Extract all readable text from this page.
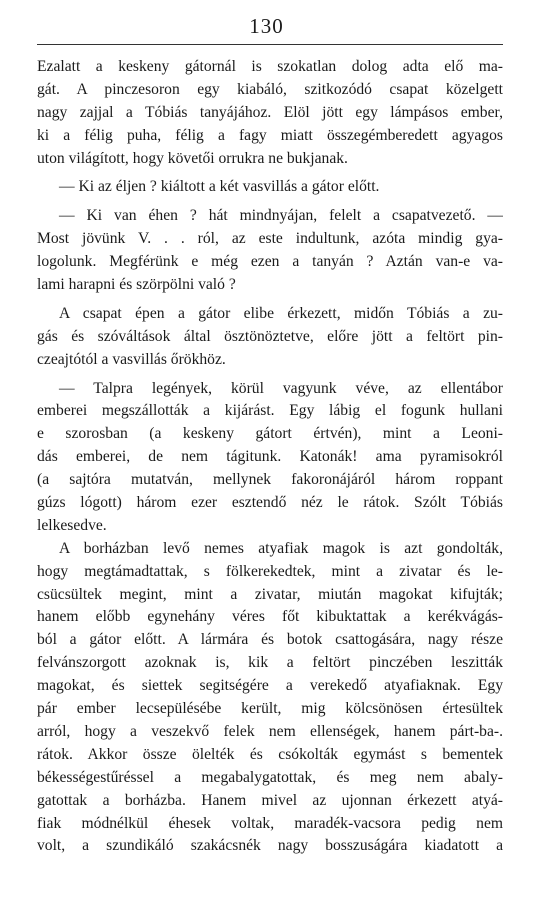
130
Ezalatt a keskeny gátornál is szokatlan dolog adta elő ma-
gát. A pinczesoron egy kiabáló, szitkozódó csapat közelgett
nagy zajjal a Tóbiás tanyájához. Elöl jött egy lámpásos ember,
ki a félig puha, félig a fagy miatt összegémberedett agyagos
uton világított, hogy követői orrukra ne bukjanak.
— Ki az éljen ? kiáltott a két vasvillás a gátor előtt.
— Ki van éhen ? hát mindnyájan, felelt a csapatvezető. —
Most jövünk V. . . ról, az este indultunk, azóta mindig gya-
logolunk. Megférünk e még ezen a tanyán ? Aztán van-e va-
lami harapni és szörpölni való ?
A csapat épen a gátor elibe érkezett, midőn Tóbiás a zu-
gás és szóváltások által ösztönöztetve, előre jött a feltört pin-
czeajtótól a vasvillás őrökhöz.
— Talpra legények, körül vagyunk véve, az ellentábor
emberei megszállották a kijárást. Egy lábig el fogunk hullani
e szorosban (a keskeny gátort értvén), mint a Leoni-
dás emberei, de nem tágitunk. Katonák! ama pyramisokról
(a sajtóra mutatván, mellynek fakoronájáról három roppant
gúzs lógott) három ezer esztendő néz le rátok. Szólt Tóbiás
lelkesedve.
A borházban levő nemes atyafiak magok is azt gondolták,
hogy megtámadtattak, s fölkerekedtek, mint a zivatar és le-
csücsültek megint, mint a zivatar, miután magokat kifujták;
hanem előbb egynehány véres főt kibuktattak a kerékvágás-
ból a gátor előtt. A lármára és botok csattogására, nagy része
felvánszorgott azoknak is, kik a feltört pinczében leszitták
magokat, és siettek segitségére a verekedő atyafiaknak. Egy
pár ember lecsepülésébe került, mig kölcsönösen értesültek
arról, hogy a veszekvő felek nem ellenségek, hanem párt-ba-.
rátok. Akkor össze ölelték és csókolták egymást s bementek
békességestűréssel a megabalygatottak, és meg nem abaly-
gatottak a borházba. Hanem mivel az ujonnan érkezett atyá-
fiak módnélkül éhesek voltak, maradék-vacsora pedig nem
volt, a szundikáló szakácsnék nagy bosszuságára kiadatott a
